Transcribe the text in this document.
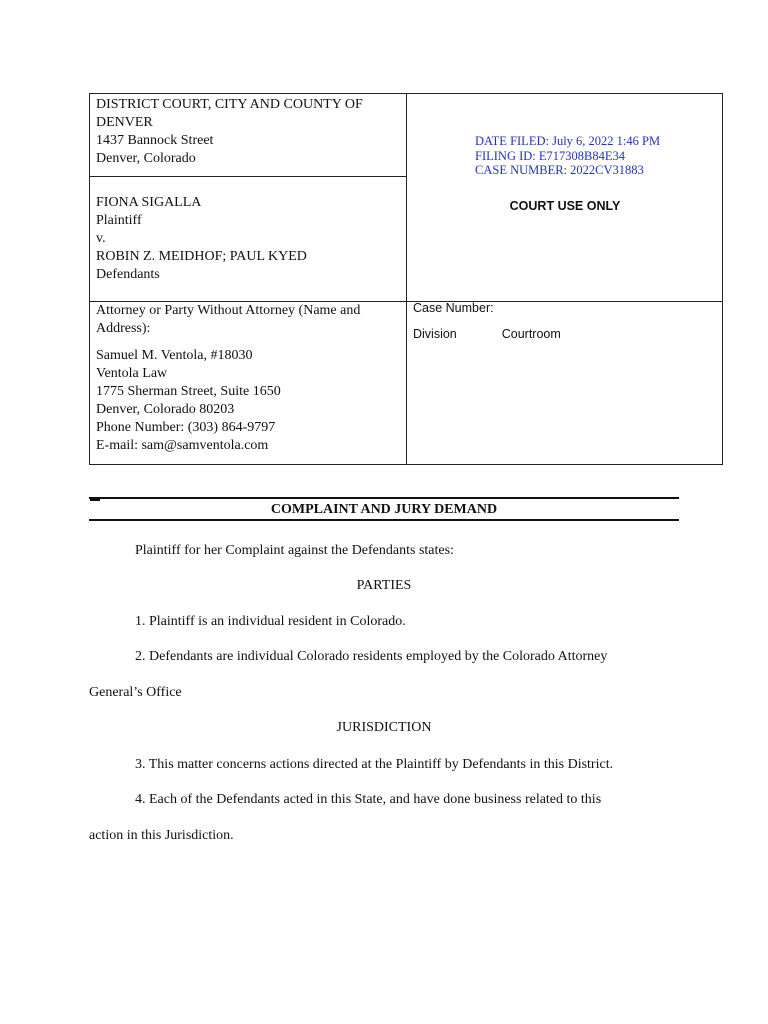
DISTRICT COURT, CITY AND COUNTY OF
DENVER
1437 Bannock Street
Denver, Colorado
FIONA SIGALLA
Plaintiff
v.
ROBIN Z. MEIDHOF; PAUL KYED
Defendants
DATE FILED: July 6, 2022 1:46 PM
FILING ID: E717308B84E34
CASE NUMBER: 2022CV31883
COURT USE ONLY
Attorney or Party Without Attorney (Name and
Address):
Samuel M. Ventola, #18030
Ventola Law
1775 Sherman Street, Suite 1650
Denver, Colorado 80203
Phone Number: (303) 864-9797
E-mail: sam@samventola.com
Case Number:
Division	Courtroom
COMPLAINT AND JURY DEMAND
Plaintiff for her Complaint against the Defendants states:
PARTIES
1. Plaintiff is an individual resident in Colorado.
2. Defendants are individual Colorado residents employed by the Colorado Attorney
General’s Office
JURISDICTION
3. This matter concerns actions directed at the Plaintiff by Defendants in this District.
4. Each of the Defendants acted in this State, and have done business related to this
action in this Jurisdiction.
